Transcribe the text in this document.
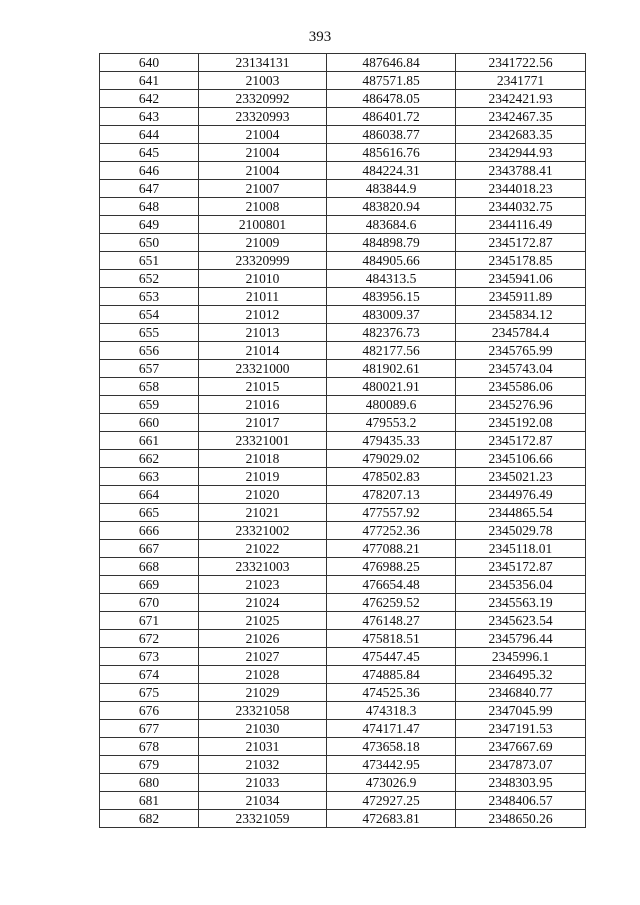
393
640	23134131	487646.84	2341722.56
641	21003	487571.85	2341771
642	23320992	486478.05	2342421.93
643	23320993	486401.72	2342467.35
644	21004	486038.77	2342683.35
645	21004	485616.76	2342944.93
646	21004	484224.31	2343788.41
647	21007	483844.9	2344018.23
648	21008	483820.94	2344032.75
649	2100801	483684.6	2344116.49
650	21009	484898.79	2345172.87
651	23320999	484905.66	2345178.85
652	21010	484313.5	2345941.06
653	21011	483956.15	2345911.89
654	21012	483009.37	2345834.12
655	21013	482376.73	2345784.4
656	21014	482177.56	2345765.99
657	23321000	481902.61	2345743.04
658	21015	480021.91	2345586.06
659	21016	480089.6	2345276.96
660	21017	479553.2	2345192.08
661	23321001	479435.33	2345172.87
662	21018	479029.02	2345106.66
663	21019	478502.83	2345021.23
664	21020	478207.13	2344976.49
665	21021	477557.92	2344865.54
666	23321002	477252.36	2345029.78
667	21022	477088.21	2345118.01
668	23321003	476988.25	2345172.87
669	21023	476654.48	2345356.04
670	21024	476259.52	2345563.19
671	21025	476148.27	2345623.54
672	21026	475818.51	2345796.44
673	21027	475447.45	2345996.1
674	21028	474885.84	2346495.32
675	21029	474525.36	2346840.77
676	23321058	474318.3	2347045.99
677	21030	474171.47	2347191.53
678	21031	473658.18	2347667.69
679	21032	473442.95	2347873.07
680	21033	473026.9	2348303.95
681	21034	472927.25	2348406.57
682	23321059	472683.81	2348650.26
